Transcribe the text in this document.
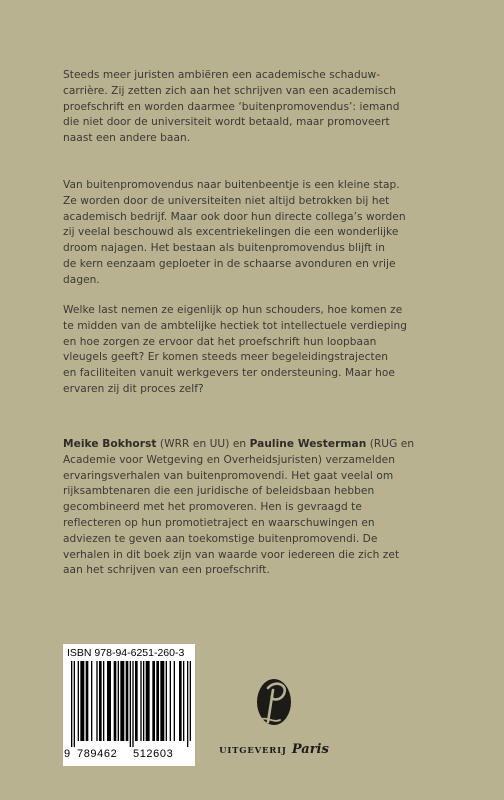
Steeds meer juristen ambiëren een academische schaduw-
carrière. Zij zetten zich aan het schrijven van een academisch
proefschrift en worden daarmee ‘buitenpromovendus’: iemand
die niet door de universiteit wordt betaald, maar promoveert
naast een andere baan.
Van buitenpromovendus naar buitenbeentje is een kleine stap.
Ze worden door de universiteiten niet altijd betrokken bij het
academisch bedrijf. Maar ook door hun directe collega’s worden
zij veelal beschouwd als excentriekelingen die een wonderlijke
droom najagen. Het bestaan als buitenpromovendus blijft in
de kern eenzaam geploeter in de schaarse avonduren en vrije
dagen.
Welke last nemen ze eigenlijk op hun schouders, hoe komen ze
te midden van de ambtelijke hectiek tot intellectuele verdieping
en hoe zorgen ze ervoor dat het proefschrift hun loopbaan
vleugels geeft? Er komen steeds meer begeleidingstrajecten
en faciliteiten vanuit werkgevers ter ondersteuning. Maar hoe
ervaren zij dit proces zelf?
Meike Bokhorst (WRR en UU) en Pauline Westerman (RUG en
Academie voor Wetgeving en Overheidsjuristen) verzamelden
ervaringsverhalen van buitenpromovendi. Het gaat veelal om
rijksambtenaren die een juridische of beleidsbaan hebben
gecombineerd met het promoveren. Hen is gevraagd te
reflecteren op hun promotietraject en waarschuwingen en
adviezen te geven aan toekomstige buitenpromovendi. De
verhalen in dit boek zijn van waarde voor iedereen die zich zet
aan het schrijven van een proefschrift.
ISBN 978-94-6251-260-3
9 789462	512603	UITGEVERIJ Paris
